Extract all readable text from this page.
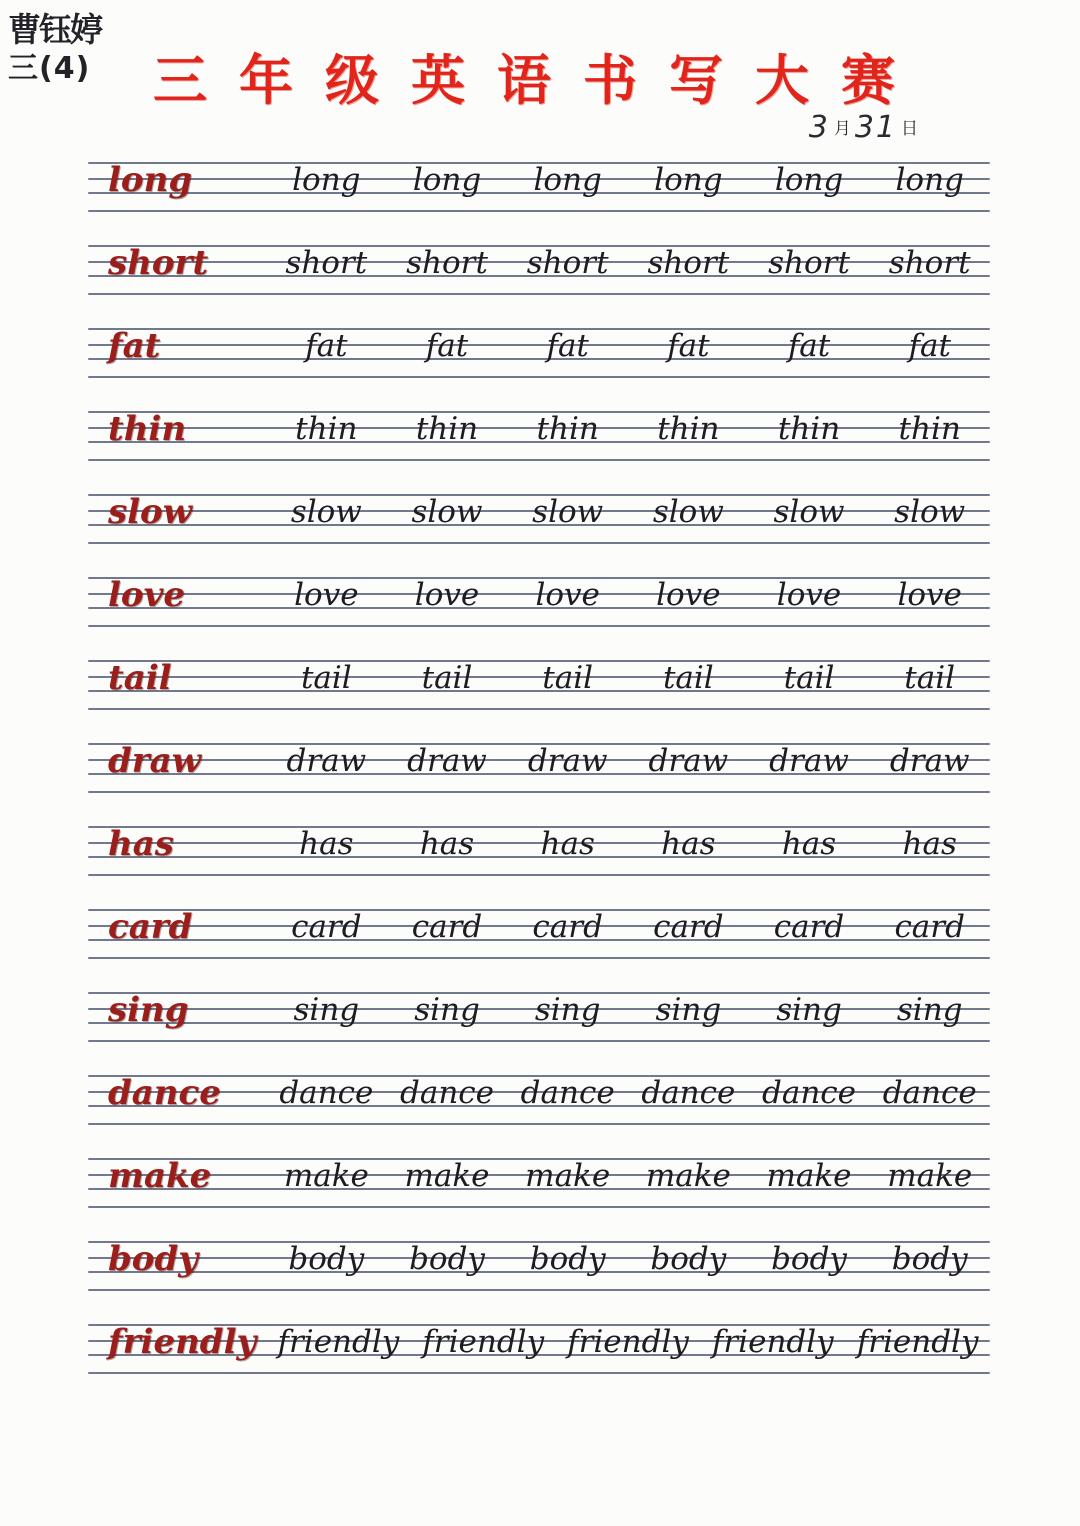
曹钰婷
三(4)	三年级英语书写大赛
3 月 31 日
long	long	long	long	long	long	long
short	short	short	short	short	short	short
fat	fat	fat	fat	fat	fat	fat
thin	thin	thin	thin	thin	thin	thin
slow	slow	slow	slow	slow	slow	slow
love	love	love	love	love	love	love
tail	tail	tail	tail	tail	tail	tail
draw	draw	draw	draw	draw	draw	draw
has	has	has	has	has	has	has
card	card	card	card	card	card	card
sing	sing	sing	sing	sing	sing	sing
dance	dance dance dance dance dance dance
make	make	make	make	make	make	make
body	body	body	body	body	body	body
friendly friendly friendly friendly friendly friendly
